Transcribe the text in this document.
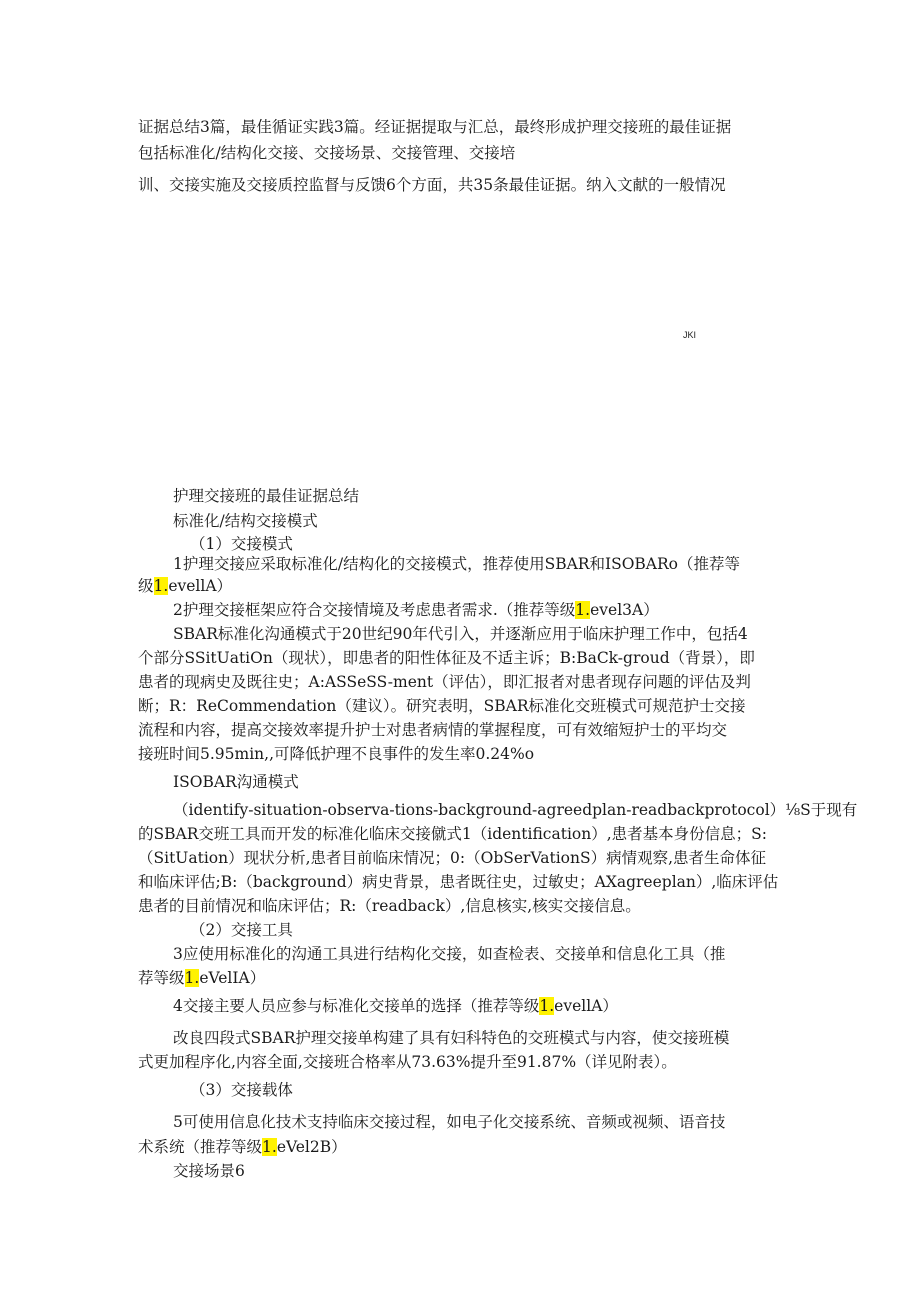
证据总结3篇，最佳循证实践3篇。经证据提取与汇总，最终形成护理交接班的最佳证据
包括标准化/结构化交接、交接场景、交接管理、交接培
训、交接实施及交接质控监督与反馈6个方面，共35条最佳证据。纳入文献的一般情况
JKI
护理交接班的最佳证据总结
标准化/结构交接模式
（1）交接模式
1护理交接应采取标准化/结构化的交接模式，推荐使用SBAR和ISOBARo（推荐等
级1.evellA）
2护理交接框架应符合交接情境及考虑患者需求.（推荐等级1.evel3A）
SBAR标准化沟通模式于20世纪90年代引入，并逐渐应用于临床护理工作中，包括4
个部分SSitUatiOn（现状），即患者的阳性体征及不适主诉；B:BaCk-groud（背景），即
患者的现病史及既往史；A:ASSeSS-ment（评估），即汇报者对患者现存问题的评估及判
断；R：ReCommendation（建议）。研究表明，SBAR标准化交班模式可规范护士交接
流程和内容，提高交接效率提升护士对患者病情的掌握程度，可有效缩短护士的平均交
接班时间5.95min,,可降低护理不良事件的发生率0.24%o
ISOBAR沟通模式
（identify-situation-observa-tions-background-agreedplan-readbackprotocol）⅛S于现有
的SBAR交班工具而开发的标准化临床交接僦式1（identification）,患者基本身份信息；S:
（SitUation）现状分析,患者目前临床情况；0:（ObSerVationS）病情观察,患者生命体征
和临床评估;B:（background）病史背景，患者既往史，过敏史；AXagreeplan）,临床评估
患者的目前情况和临床评估；R:（readback）,信息核实,核实交接信息。
（2）交接工具
3应使用标准化的沟通工具进行结构化交接，如查检表、交接单和信息化工具（推
荐等级1.eVelIA）
4交接主要人员应参与标准化交接单的选择（推荐等级1.evellA）
改良四段式SBAR护理交接单构建了具有妇科特色的交班模式与内容，使交接班模
式更加程序化,内容全面,交接班合格率从73.63%提升至91.87%（详见附表）。
（3）交接载体
5可使用信息化技术支持临床交接过程，如电子化交接系统、音频或视频、语音技
术系统（推荐等级1.eVel2B）
交接场景6
